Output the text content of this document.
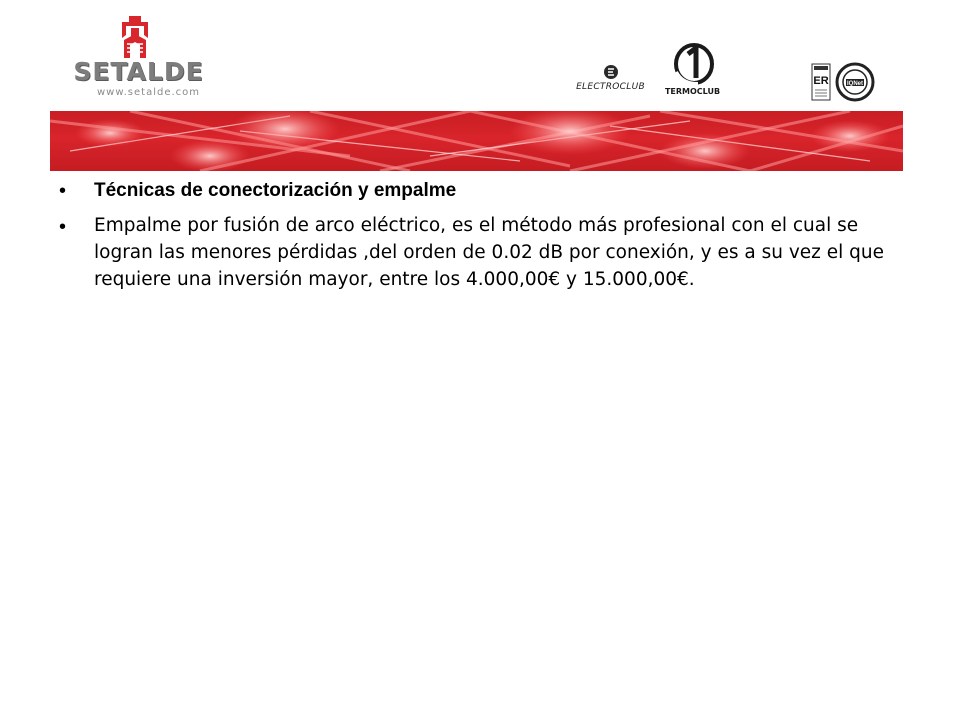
SETALDE
www.setalde.com	ELECTROCLUB	TERMOCLUB
ER	IQNet
• Técnicas de conectorización y empalme
• Empalme por fusión de arco eléctrico, es el método más profesional con el cual se logran las menores pérdidas ,del orden de 0.02 dB por conexión, y es a su vez el que requiere una inversión mayor, entre los 4.000,00€ y 15.000,00€.
